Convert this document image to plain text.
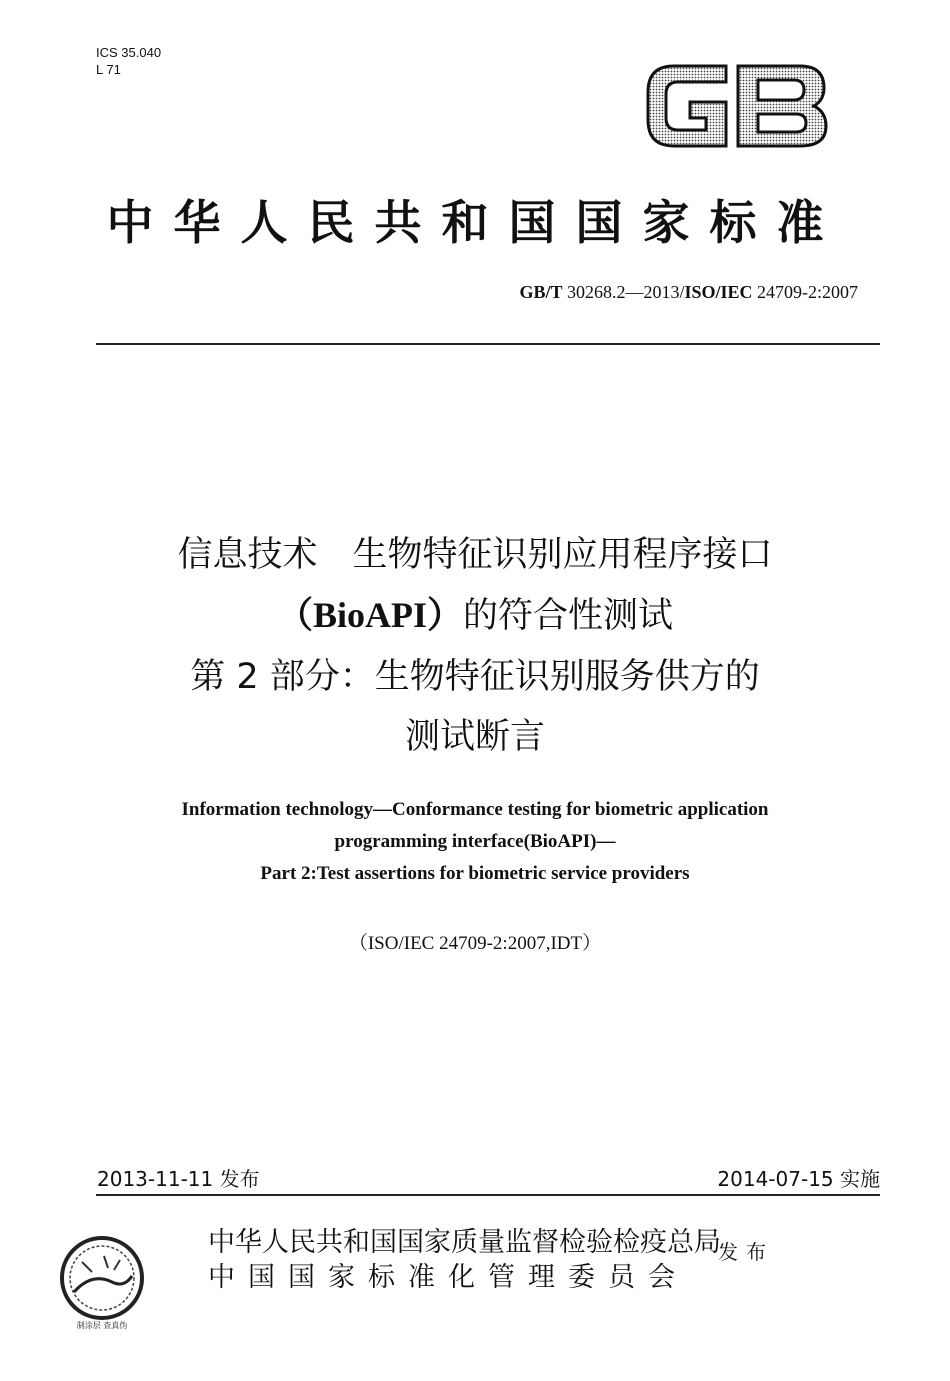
ICS 35.040
L 71
中华人民共和国国家标准
GB/T 30268.2—2013/ISO/IEC 24709-2:2007
信息技术　生物特征识别应用程序接口
（BioAPI）的符合性测试
第 2 部分：生物特征识别服务供方的
测试断言
Information technology—Conformance testing for biometric application
programming interface(BioAPI)—
Part 2:Test assertions for biometric service providers
（ISO/IEC 24709-2:2007,IDT）
2013-11-11 发布	2014-07-15 实施
制涂层 查真伪
中华人民共和国国家质量监督检验检疫总局
中国国家标准化管理委员会
发布
